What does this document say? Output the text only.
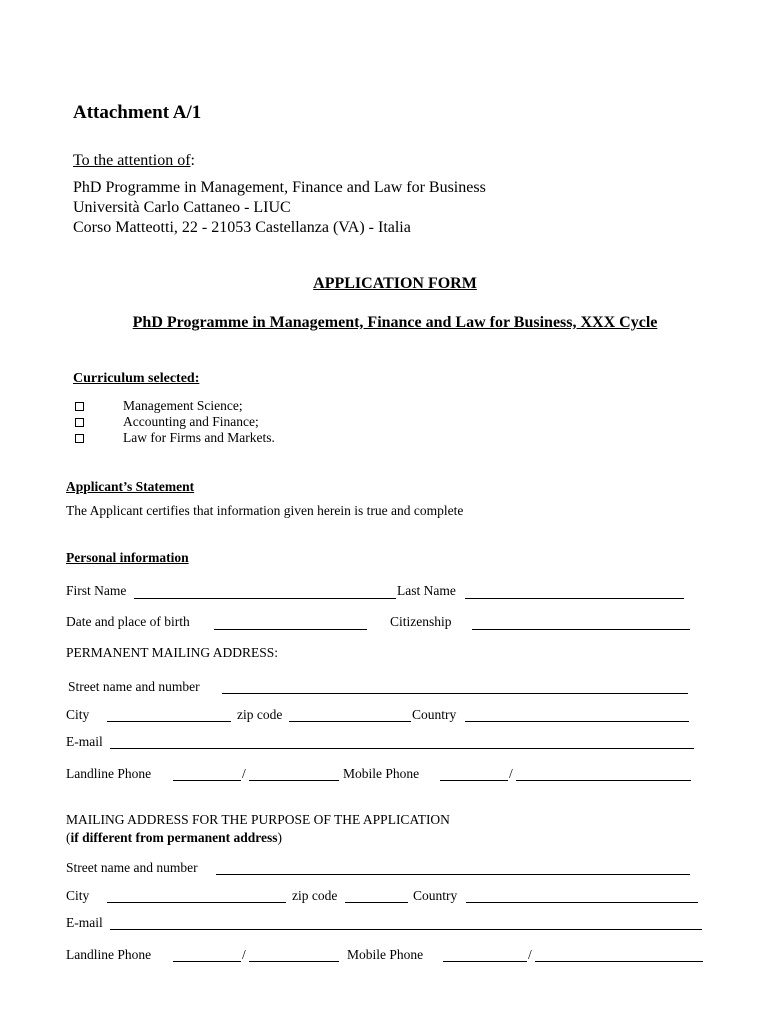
Attachment A/1
To the attention of:
PhD Programme in Management, Finance and Law for Business
Università Carlo Cattaneo - LIUC
Corso Matteotti, 22 - 21053 Castellanza (VA) - Italia
APPLICATION FORM
PhD Programme in Management, Finance and Law for Business, XXX Cycle
Curriculum selected:
Management Science;
Accounting and Finance;
Law for Firms and Markets.
Applicant’s Statement
The Applicant certifies that information given herein is true and complete
Personal information
First Name	Last Name
Date and place of birth	Citizenship
PERMANENT MAILING ADDRESS:
Street name and number
City	zip code	Country
E-mail
Landline Phone	/	Mobile Phone	/
MAILING ADDRESS FOR THE PURPOSE OF THE APPLICATION
(if different from permanent address)
Street name and number
City	zip code	Country
E-mail
Landline Phone	/	Mobile Phone	/
